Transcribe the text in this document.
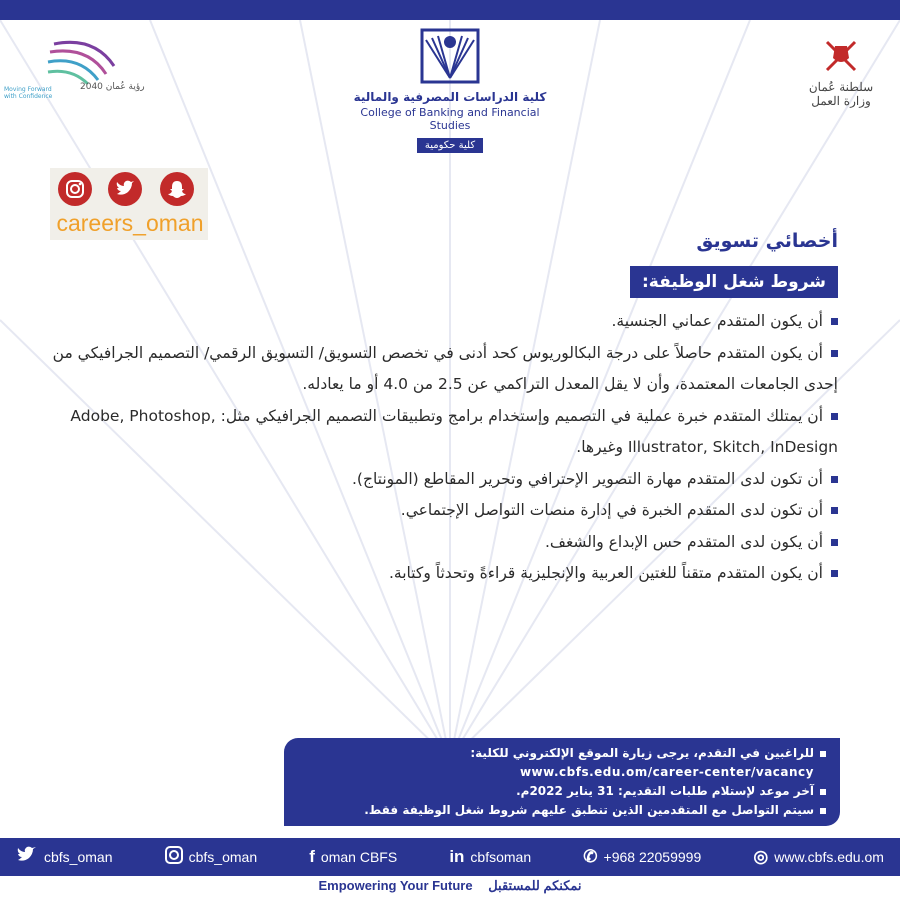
رؤية عُمان 2040
Moving Forward with Confidence	كلية الدراسات المصرفية والمالية
College of Banking and Financial Studies
كلية حكومية
سلطنة عُمان
وزارة العمل
careers_oman
أخصائي تسويق
شروط شغل الوظيفة:
أن يكون المتقدم عماني الجنسية.
أن يكون المتقدم حاصلاً على درجة البكالوريوس كحد أدنى في تخصص التسويق/ التسويق الرقمي/ التصميم الجرافيكي من إحدى الجامعات المعتمدة، وأن لا يقل المعدل التراكمي عن 2.5 من 4.0 أو ما يعادله.
أن يمتلك المتقدم خبرة عملية في التصميم وإستخدام برامج وتطبيقات التصميم الجرافيكي مثل: Adobe, Photoshop, Illustrator, Skitch, InDesign وغيرها.
أن تكون لدى المتقدم مهارة التصوير الإحترافي وتحرير المقاطع (المونتاج).
أن تكون لدى المتقدم الخبرة في إدارة منصات التواصل الإجتماعي.
أن يكون لدى المتقدم حس الإبداع والشغف.
أن يكون المتقدم متقناً للغتين العربية والإنجليزية قراءةً وتحدثاً وكتابة.
للراغبين في التقدم، يرجى زيارة الموقع الإلكتروني للكلية:
www.cbfs.edu.om/career-center/vacancy
آخر موعد لإستلام طلبات التقديم: 31 يناير 2022م.
سيتم التواصل مع المتقدمين الذين تنطبق عليهم شروط شغل الوظيفة فقط.
cbfs_oman	cbfs_oman	f oman CBFS	in cbfsoman	✆ +968 22059999	◎ www.cbfs.edu.om
Empowering Your Future نمكنكم للمستقبل
